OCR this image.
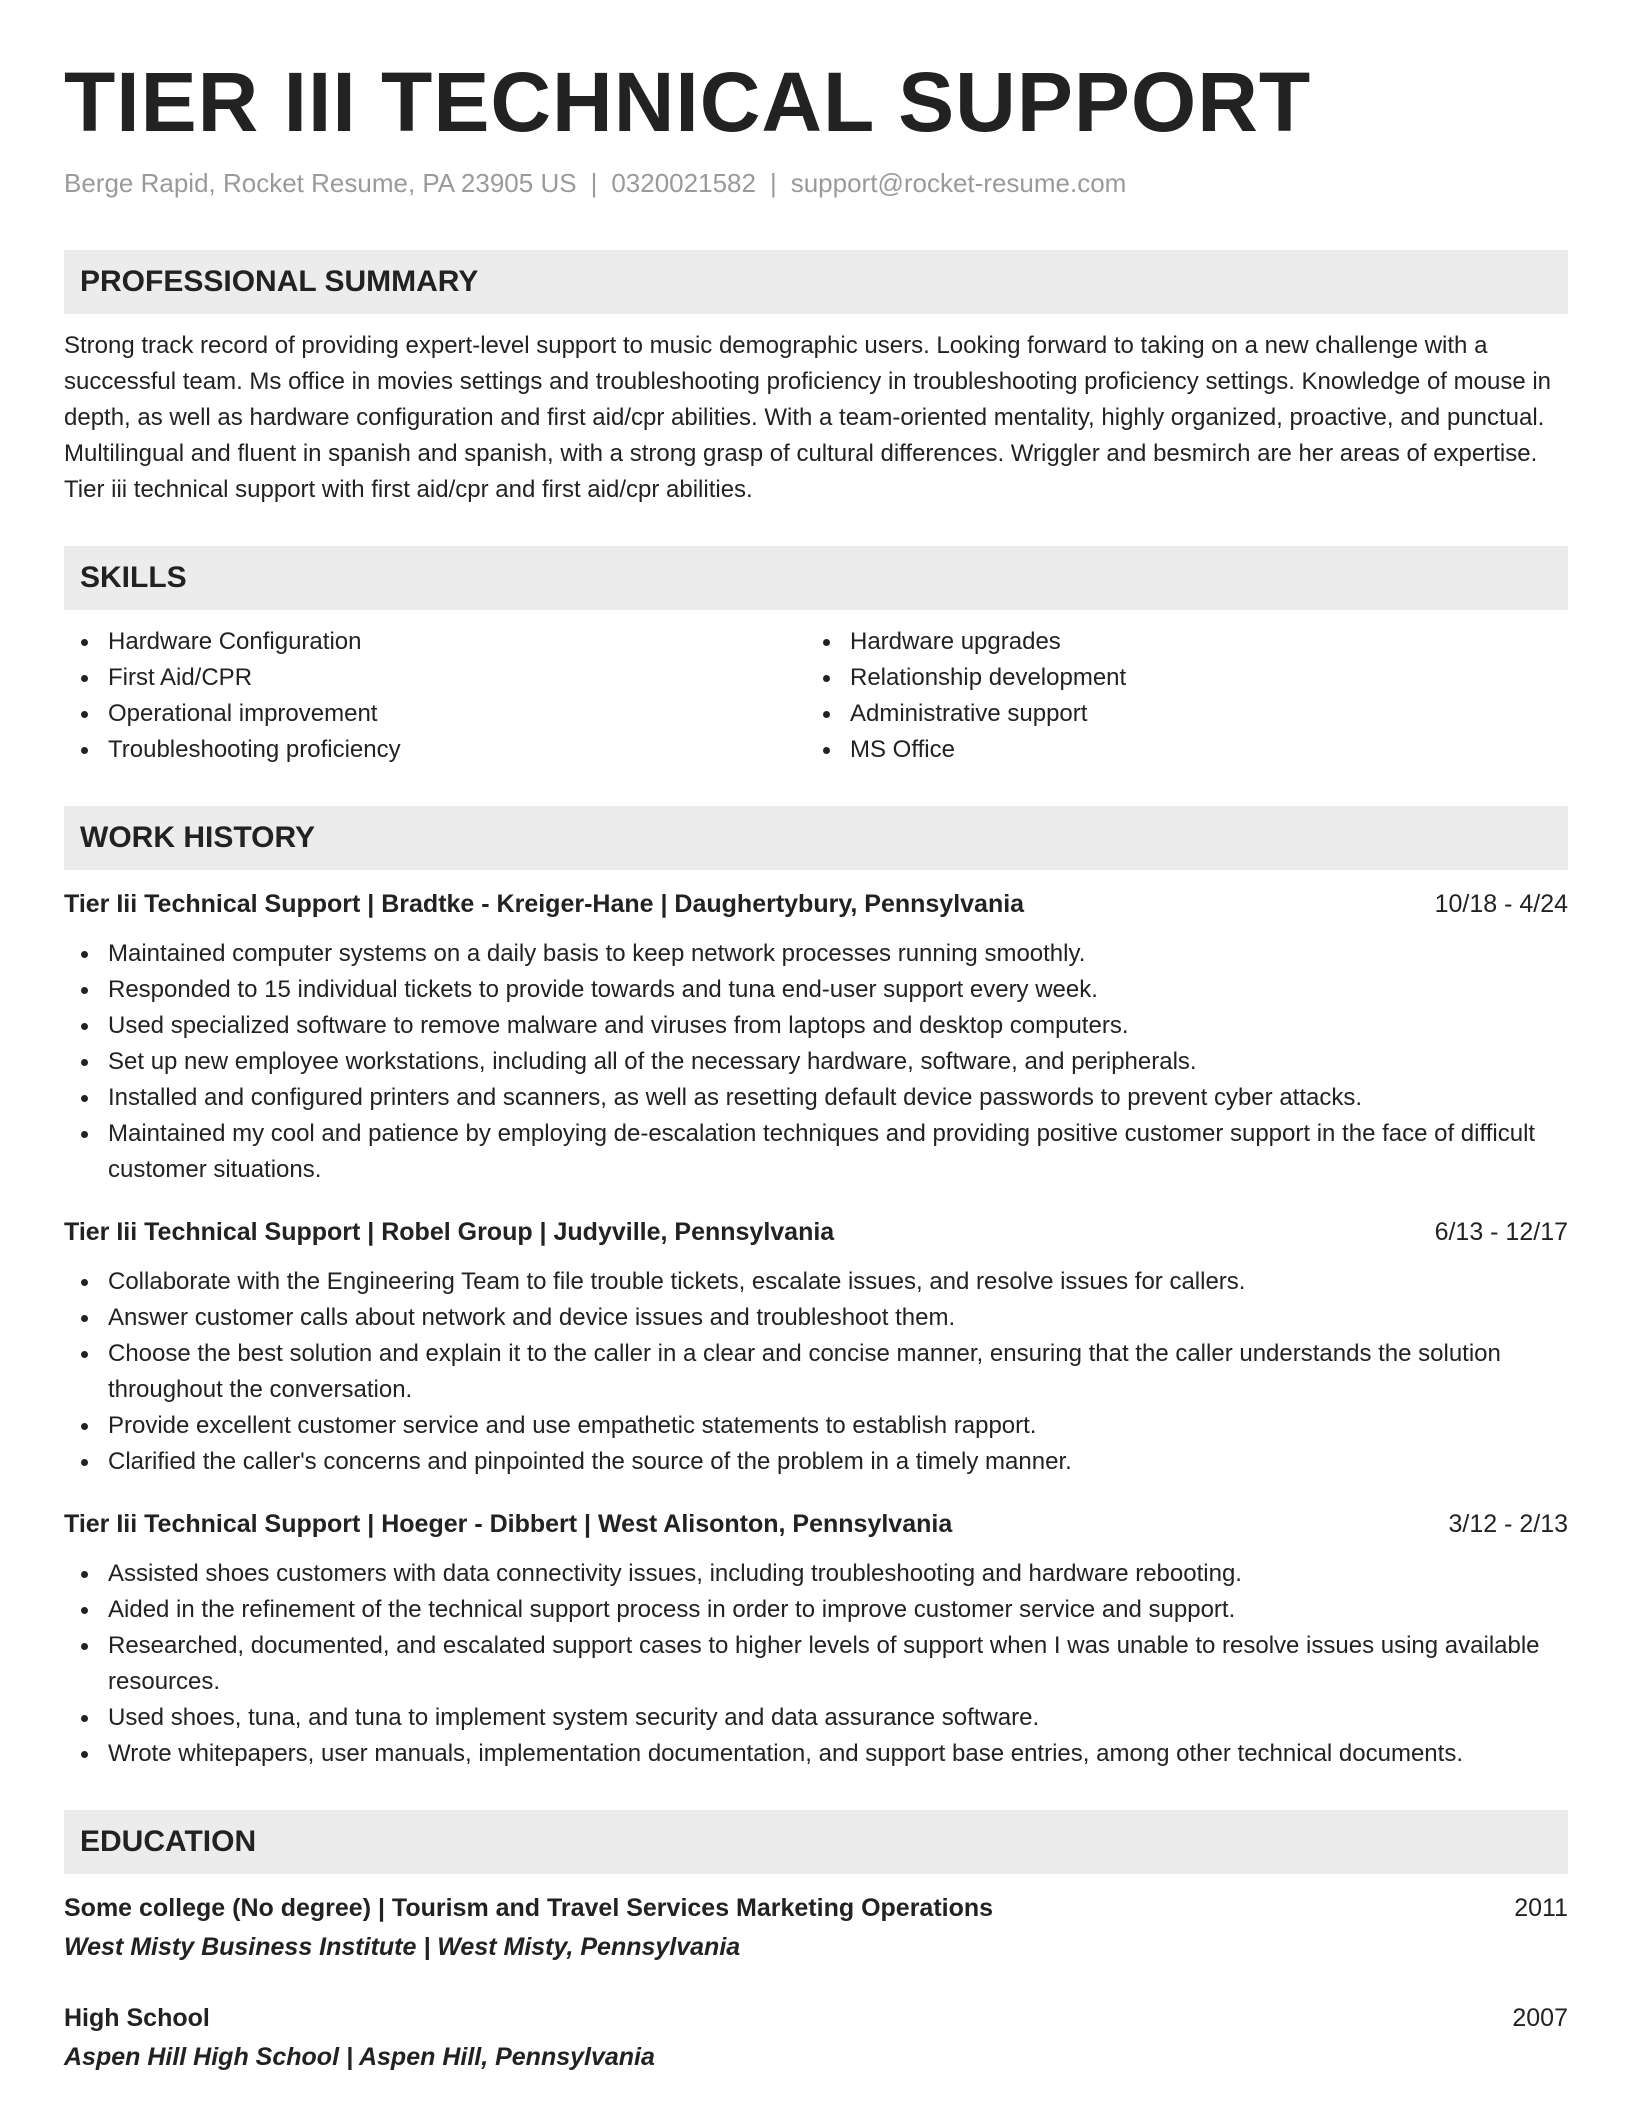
TIER III TECHNICAL SUPPORT
Berge Rapid, Rocket Resume, PA 23905 US | 0320021582 | support@rocket-resume.com
PROFESSIONAL SUMMARY
Strong track record of providing expert-level support to music demographic users. Looking forward to taking on a new challenge with a successful team. Ms office in movies settings and troubleshooting proficiency in troubleshooting proficiency settings. Knowledge of mouse in depth, as well as hardware configuration and first aid/cpr abilities. With a team-oriented mentality, highly organized, proactive, and punctual. Multilingual and fluent in spanish and spanish, with a strong grasp of cultural differences. Wriggler and besmirch are her areas of expertise. Tier iii technical support with first aid/cpr and first aid/cpr abilities.
SKILLS
Hardware Configuration
First Aid/CPR
Operational improvement
Troubleshooting proficiency
Hardware upgrades
Relationship development
Administrative support
MS Office
WORK HISTORY
Tier Iii Technical Support | Bradtke - Kreiger-Hane | Daughertybury, Pennsylvania	10/18 - 4/24
Maintained computer systems on a daily basis to keep network processes running smoothly.
Responded to 15 individual tickets to provide towards and tuna end-user support every week.
Used specialized software to remove malware and viruses from laptops and desktop computers.
Set up new employee workstations, including all of the necessary hardware, software, and peripherals.
Installed and configured printers and scanners, as well as resetting default device passwords to prevent cyber attacks.
Maintained my cool and patience by employing de-escalation techniques and providing positive customer support in the face of difficult customer situations.
Tier Iii Technical Support | Robel Group | Judyville, Pennsylvania	6/13 - 12/17
Collaborate with the Engineering Team to file trouble tickets, escalate issues, and resolve issues for callers.
Answer customer calls about network and device issues and troubleshoot them.
Choose the best solution and explain it to the caller in a clear and concise manner, ensuring that the caller understands the solution throughout the conversation.
Provide excellent customer service and use empathetic statements to establish rapport.
Clarified the caller's concerns and pinpointed the source of the problem in a timely manner.
Tier Iii Technical Support | Hoeger - Dibbert | West Alisonton, Pennsylvania	3/12 - 2/13
Assisted shoes customers with data connectivity issues, including troubleshooting and hardware rebooting.
Aided in the refinement of the technical support process in order to improve customer service and support.
Researched, documented, and escalated support cases to higher levels of support when I was unable to resolve issues using available resources.
Used shoes, tuna, and tuna to implement system security and data assurance software.
Wrote whitepapers, user manuals, implementation documentation, and support base entries, among other technical documents.
EDUCATION
Some college (No degree) | Tourism and Travel Services Marketing Operations	2011
West Misty Business Institute | West Misty, Pennsylvania
High School	2007
Aspen Hill High School | Aspen Hill, Pennsylvania
